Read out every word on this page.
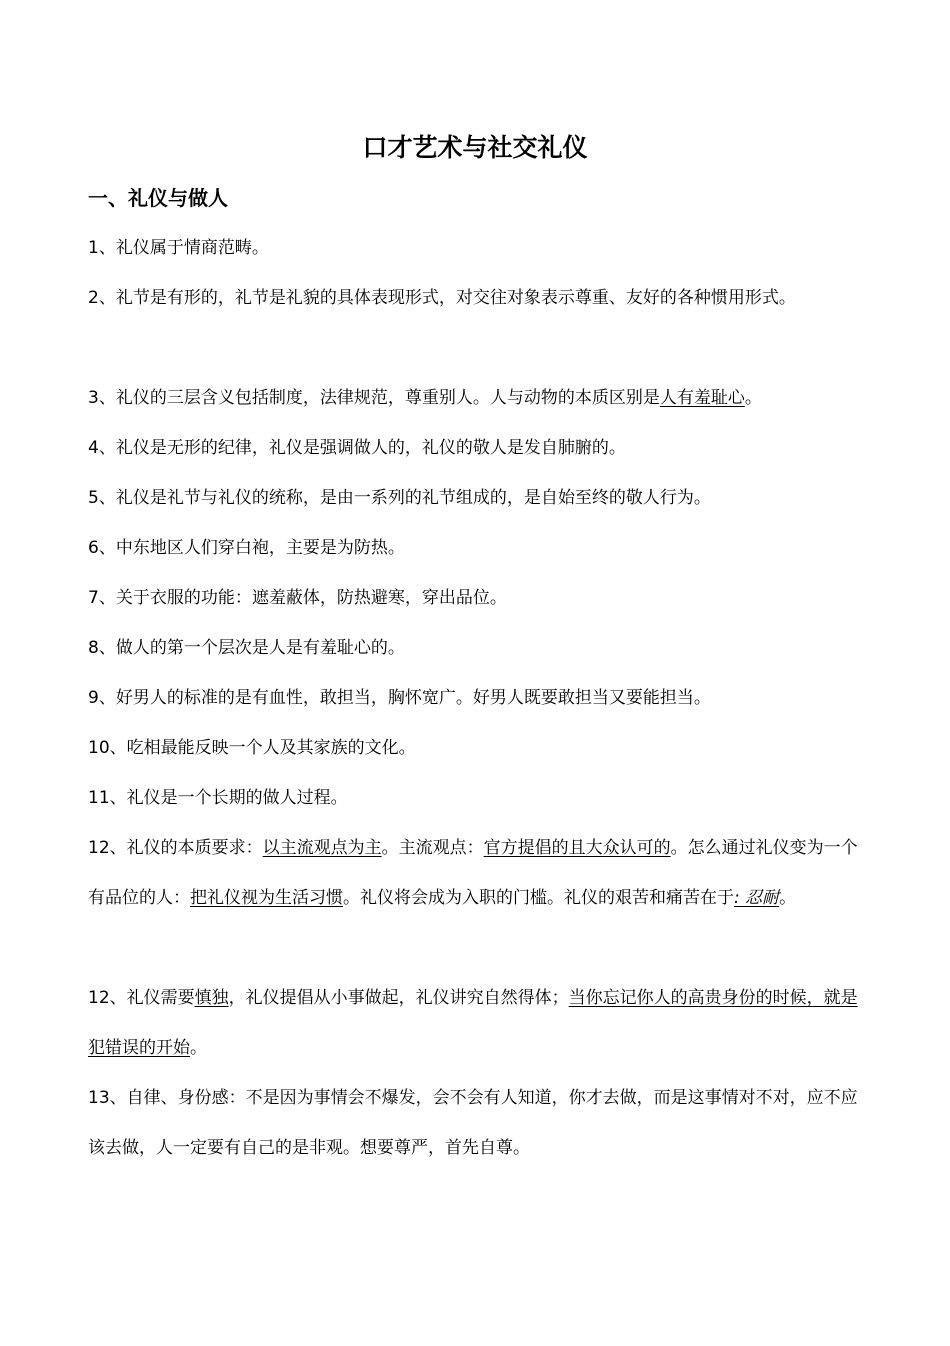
口才艺术与社交礼仪
一、礼仪与做人

1、礼仪属于情商范畴。

2、礼节是有形的，礼节是礼貌的具体表现形式，对交往对象表示尊重、友好的各种惯用形式。

3、礼仪的三层含义包括制度，法律规范，尊重别人。人与动物的本质区别是人有羞耻心。

4、礼仪是无形的纪律，礼仪是强调做人的，礼仪的敬人是发自肺腑的。

5、礼仪是礼节与礼仪的统称，是由一系列的礼节组成的，是自始至终的敬人行为。

6、中东地区人们穿白袍，主要是为防热。

7、关于衣服的功能：遮羞蔽体，防热避寒，穿出品位。

8、做人的第一个层次是人是有羞耻心的。

9、好男人的标准的是有血性，敢担当，胸怀宽广。好男人既要敢担当又要能担当。

10、吃相最能反映一个人及其家族的文化。

11、礼仪是一个长期的做人过程。

12、礼仪的本质要求：以主流观点为主。主流观点：官方提倡的且大众认可的。怎么通过礼仪变为一个有品位的人：把礼仪视为生活习惯。礼仪将会成为入职的门槛。礼仪的艰苦和痛苦在于: 忍耐。

12、礼仪需要慎独，礼仪提倡从小事做起，礼仪讲究自然得体；当你忘记你人的高贵身份的时候，就是犯错误的开始。

13、自律、身份感：不是因为事情会不爆发，会不会有人知道，你才去做，而是这事情对不对，应不应该去做，人一定要有自己的是非观。想要尊严，首先自尊。
